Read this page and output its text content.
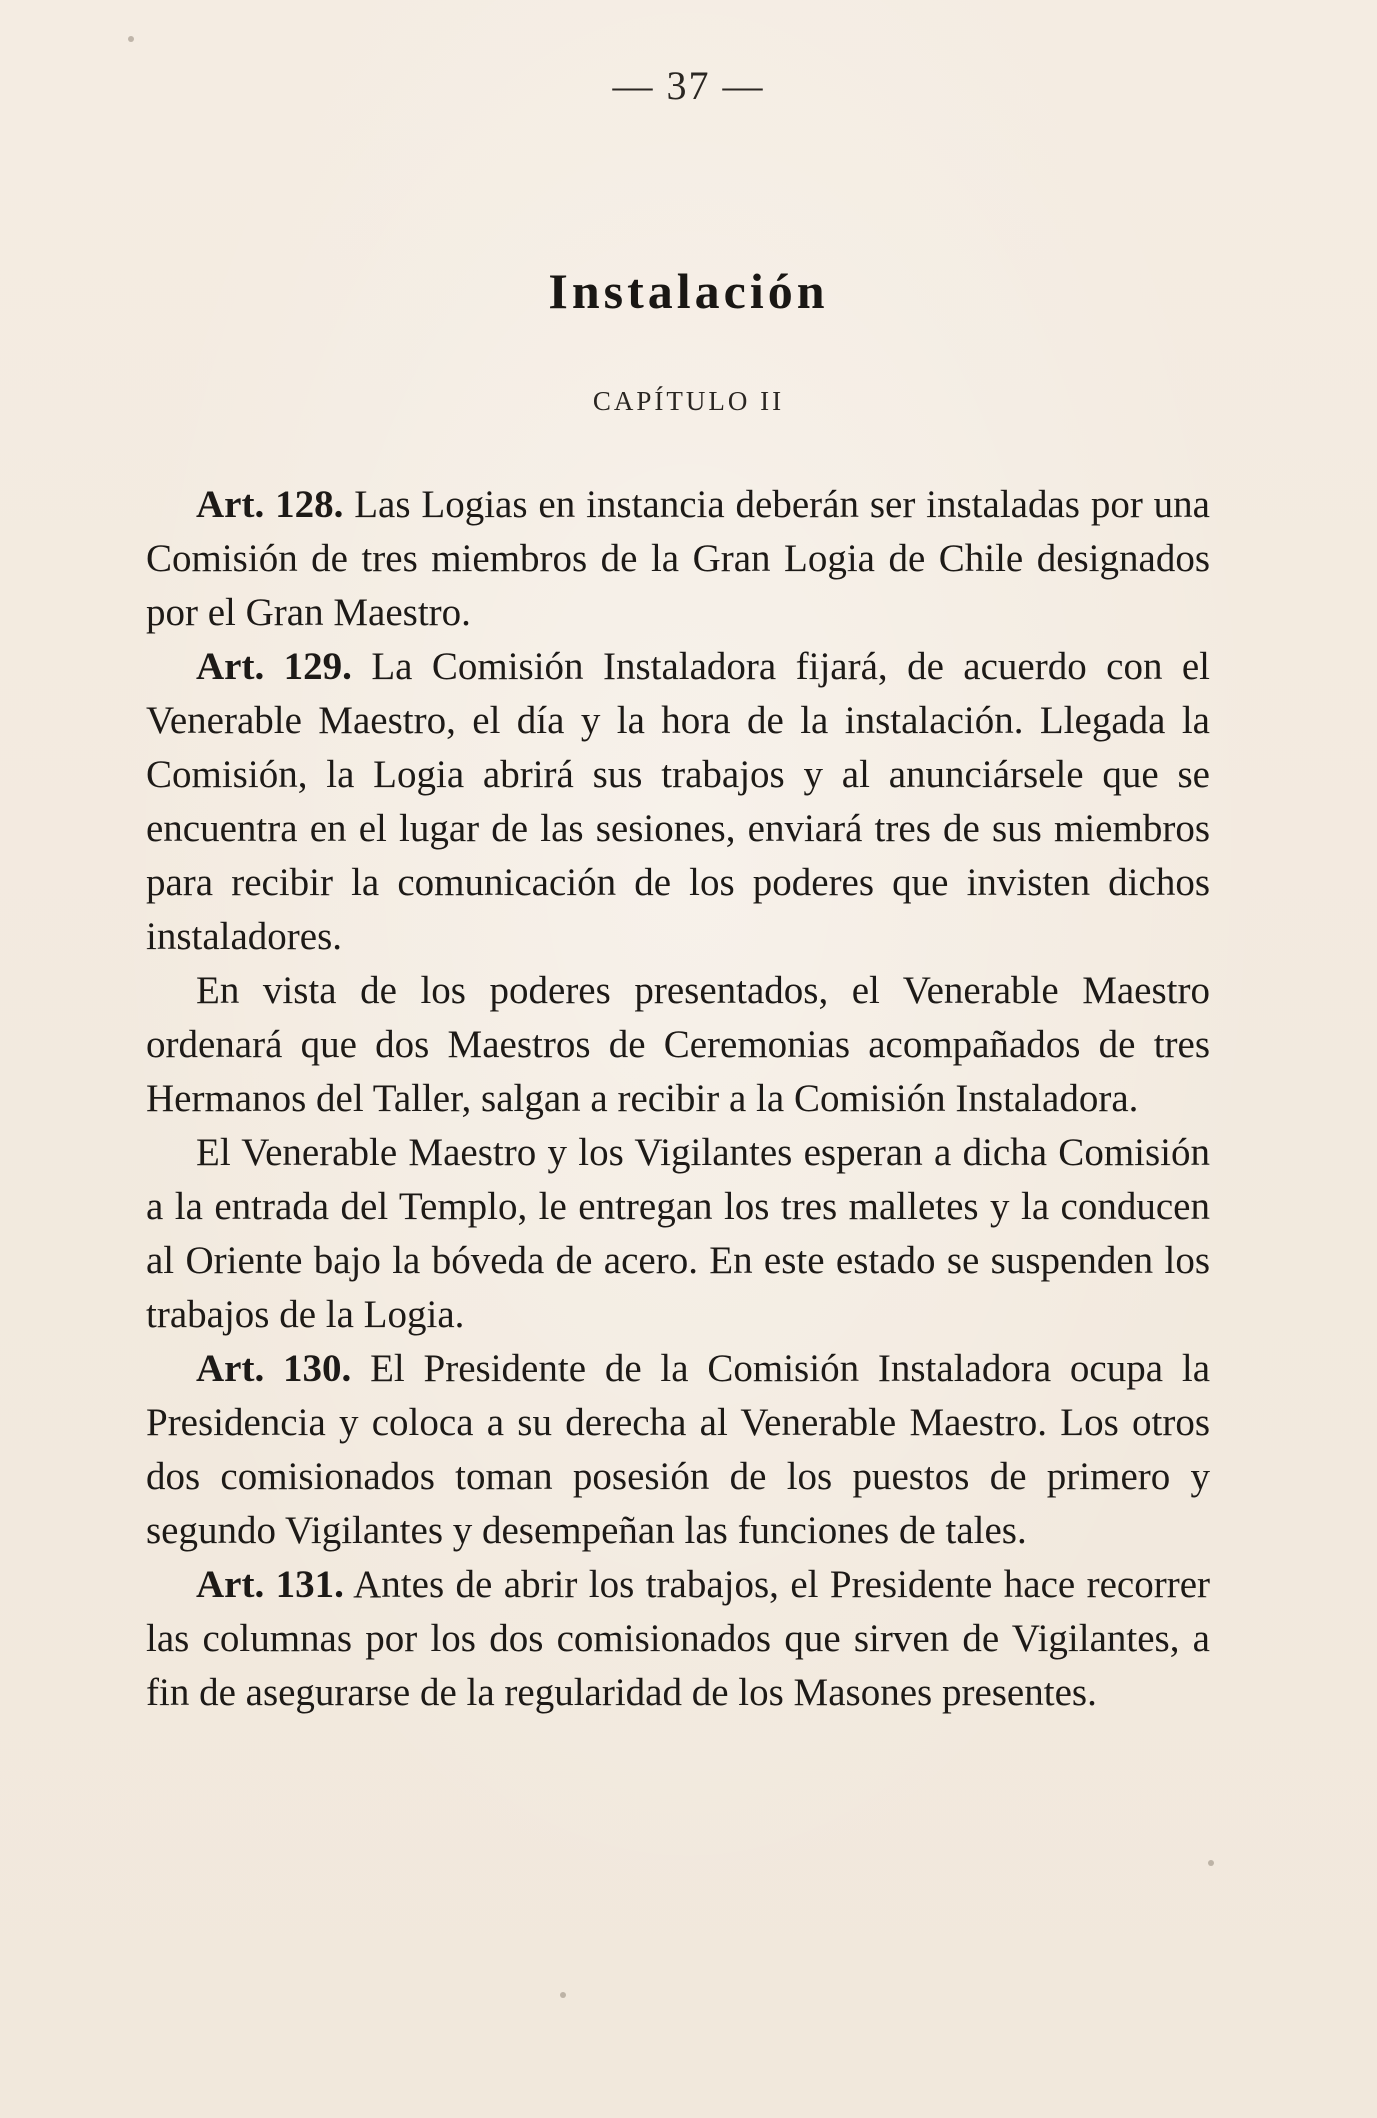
— 37 —
Instalación
CAPÍTULO II

Art. 128. Las Logias en instancia deberán ser instaladas por una Comisión de tres miembros de la Gran Logia de Chile designados por el Gran Maestro.

Art. 129. La Comisión Instaladora fijará, de acuerdo con el Venerable Maestro, el día y la hora de la instalación. Llegada la Comisión, la Logia abrirá sus trabajos y al anunciársele que se encuentra en el lugar de las sesiones, enviará tres de sus miembros para recibir la comunicación de los poderes que invisten dichos instaladores.

En vista de los poderes presentados, el Venerable Maestro ordenará que dos Maestros de Ceremonias acompañados de tres Hermanos del Taller, salgan a recibir a la Comisión Instaladora.

El Venerable Maestro y los Vigilantes esperan a dicha Comisión a la entrada del Templo, le entregan los tres malletes y la conducen al Oriente bajo la bóveda de acero. En este estado se suspenden los trabajos de la Logia.

Art. 130. El Presidente de la Comisión Instaladora ocupa la Presidencia y coloca a su derecha al Venerable Maestro. Los otros dos comisionados toman posesión de los puestos de primero y segundo Vigilantes y desempeñan las funciones de tales.

Art. 131. Antes de abrir los trabajos, el Presidente hace recorrer las columnas por los dos comisionados que sirven de Vigilantes, a fin de asegurarse de la regularidad de los Masones presentes.
